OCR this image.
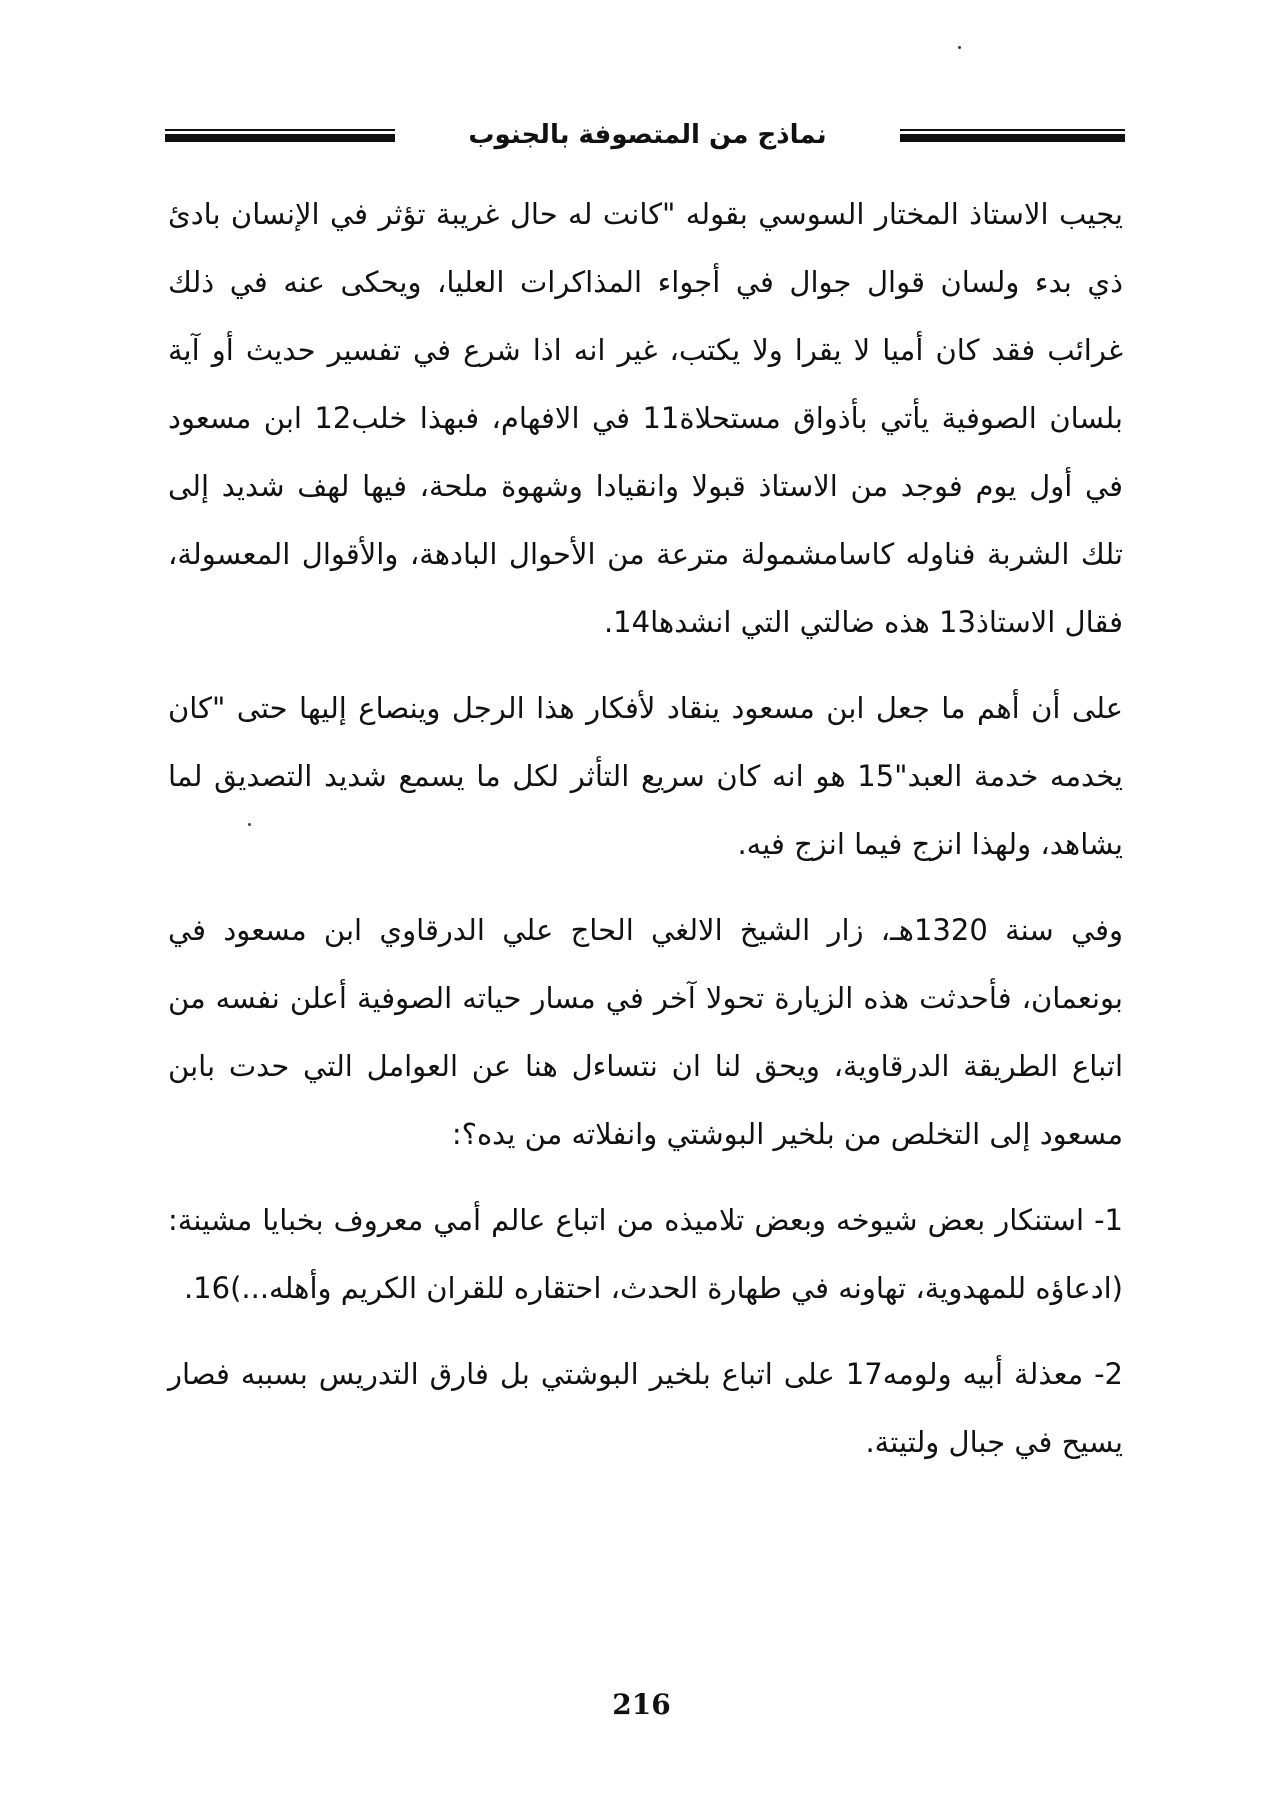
نماذج من المتصوفة بالجنوب

يجيب الاستاذ المختار السوسي بقوله "كانت له حال غريبة تؤثر في الإنسان بادئ ذي بدء ولسان قوال جوال في أجواء المذاكرات العليا، ويحكى عنه في ذلك غرائب فقد كان أميا لا يقرا ولا يكتب، غير انه اذا شرع في تفسير حديث أو آية بلسان الصوفية يأتي بأذواق مستحلاة11 في الافهام، فبهذا خلب12 ابن مسعود في أول يوم فوجد من الاستاذ قبولا وانقيادا وشهوة ملحة، فيها لهف شديد إلى تلك الشربة فناوله كاسامشمولة مترعة من الأحوال البادهة، والأقوال المعسولة، فقال الاستاذ13 هذه ضالتي التي انشدها14.

على أن أهم ما جعل ابن مسعود ينقاد لأفكار هذا الرجل وينصاع إليها حتى "كان يخدمه خدمة العبد"15 هو انه كان سريع التأثر لكل ما يسمع شديد التصديق لما يشاهد، ولهذا انزج فيما انزج فيه.

وفي سنة 1320هـ، زار الشيخ الالغي الحاج علي الدرقاوي ابن مسعود في بونعمان، فأحدثت هذه الزيارة تحولا آخر في مسار حياته الصوفية أعلن نفسه من اتباع الطريقة الدرقاوية، ويحق لنا ان نتساءل هنا عن العوامل التي حدت بابن مسعود إلى التخلص من بلخير البوشتي وانفلاته من يده؟:

1- استنكار بعض شيوخه وبعض تلاميذه من اتباع عالم أمي معروف بخبايا مشينة: (ادعاؤه للمهدوية، تهاونه في طهارة الحدث، احتقاره للقران الكريم وأهله...)16.

2- معذلة أبيه ولومه17 على اتباع بلخير البوشتي بل فارق التدريس بسببه فصار يسيح في جبال ولتيتة.

216
